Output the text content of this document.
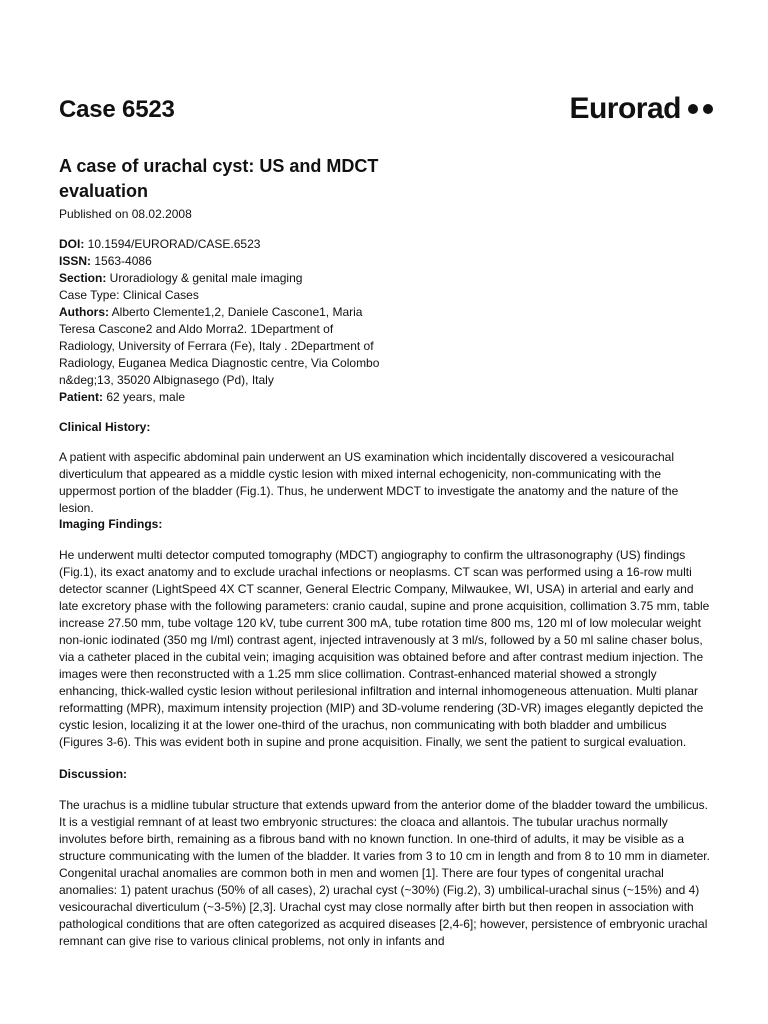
Case 6523	Eurorad
A case of urachal cyst: US and MDCT evaluation
Published on 08.02.2008
DOI: 10.1594/EURORAD/CASE.6523
ISSN: 1563-4086
Section: Uroradiology & genital male imaging
Case Type: Clinical Cases
Authors: Alberto Clemente1,2, Daniele Cascone1, Maria Teresa Cascone2 and Aldo Morra2. 1Department of Radiology, University of Ferrara (Fe), Italy . 2Department of Radiology, Euganea Medica Diagnostic centre, Via Colombo n&deg;13, 35020 Albignasego (Pd), Italy
Patient: 62 years, male
Clinical History:

A patient with aspecific abdominal pain underwent an US examination which incidentally discovered a vesicourachal diverticulum that appeared as a middle cystic lesion with mixed internal echogenicity, non-communicating with the uppermost portion of the bladder (Fig.1). Thus, he underwent MDCT to investigate the anatomy and the nature of the lesion.

Imaging Findings:

He underwent multi detector computed tomography (MDCT) angiography to confirm the ultrasonography (US) findings (Fig.1), its exact anatomy and to exclude urachal infections or neoplasms. CT scan was performed using a 16-row multi detector scanner (LightSpeed 4X CT scanner, General Electric Company, Milwaukee, WI, USA) in arterial and early and late excretory phase with the following parameters: cranio caudal, supine and prone acquisition, collimation 3.75 mm, table increase 27.50 mm, tube voltage 120 kV, tube current 300 mA, tube rotation time 800 ms, 120 ml of low molecular weight non-ionic iodinated (350 mg I/ml) contrast agent, injected intravenously at 3 ml/s, followed by a 50 ml saline chaser bolus, via a catheter placed in the cubital vein; imaging acquisition was obtained before and after contrast medium injection. The images were then reconstructed with a 1.25 mm slice collimation. Contrast-enhanced material showed a strongly enhancing, thick-walled cystic lesion without perilesional infiltration and internal inhomogeneous attenuation. Multi planar reformatting (MPR), maximum intensity projection (MIP) and 3D-volume rendering (3D-VR) images elegantly depicted the cystic lesion, localizing it at the lower one-third of the urachus, non communicating with both bladder and umbilicus (Figures 3-6). This was evident both in supine and prone acquisition. Finally, we sent the patient to surgical evaluation.

Discussion:

The urachus is a midline tubular structure that extends upward from the anterior dome of the bladder toward the umbilicus. It is a vestigial remnant of at least two embryonic structures: the cloaca and allantois. The tubular urachus normally involutes before birth, remaining as a fibrous band with no known function. In one-third of adults, it may be visible as a structure communicating with the lumen of the bladder. It varies from 3 to 10 cm in length and from 8 to 10 mm in diameter. Congenital urachal anomalies are common both in men and women [1]. There are four types of congenital urachal anomalies: 1) patent urachus (50% of all cases), 2) urachal cyst (~30%) (Fig.2), 3) umbilical-urachal sinus (~15%) and 4) vesicourachal diverticulum (~3-5%) [2,3]. Urachal cyst may close normally after birth but then reopen in association with pathological conditions that are often categorized as acquired diseases [2,4-6]; however, persistence of embryonic urachal remnant can give rise to various clinical problems, not only in infants and
